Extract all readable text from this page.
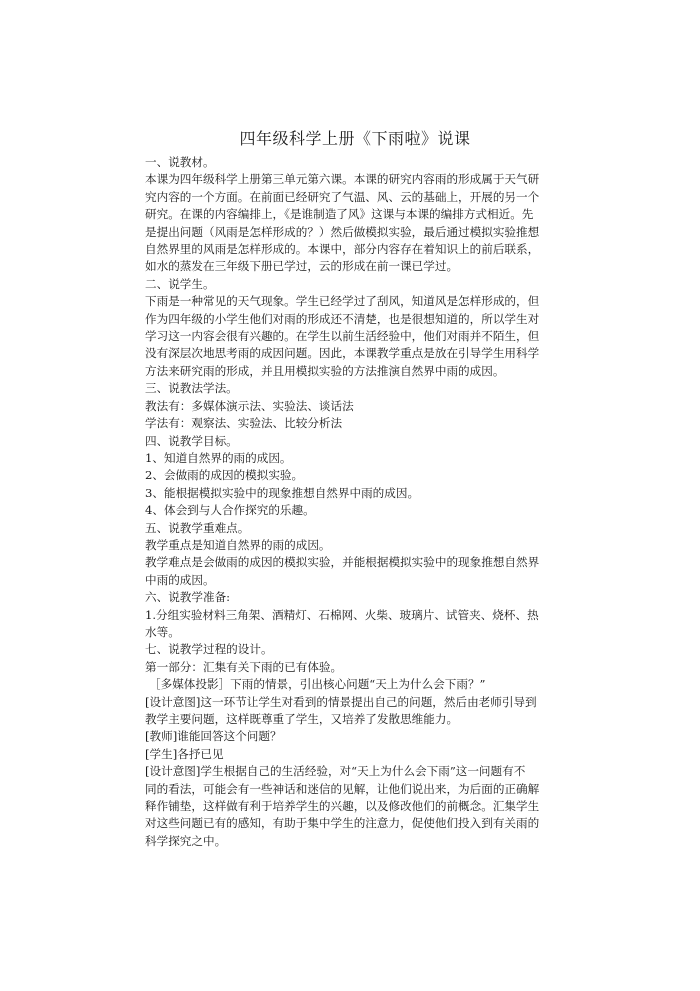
四年级科学上册《下雨啦》说课

一、说教材。

本课为四年级科学上册第三单元第六课。本课的研究内容雨的形成属于天气研

究内容的一个方面。在前面已经研究了气温、风、云的基础上，开展的另一个

研究。在课的内容编排上，《是谁制造了风》这课与本课的编排方式相近。先

是提出问题（风雨是怎样形成的？）然后做模拟实验，最后通过模拟实验推想

自然界里的风雨是怎样形成的。本课中，部分内容存在着知识上的前后联系，

如水的蒸发在三年级下册已学过，云的形成在前一课已学过。

二、说学生。

下雨是一种常见的天气现象。学生已经学过了刮风，知道风是怎样形成的，但

作为四年级的小学生他们对雨的形成还不清楚，也是很想知道的，所以学生对

学习这一内容会很有兴趣的。在学生以前生活经验中，他们对雨并不陌生，但

没有深层次地思考雨的成因问题。因此，本课教学重点是放在引导学生用科学

方法来研究雨的形成，并且用模拟实验的方法推演自然界中雨的成因。

三、说教法学法。

教法有：多媒体演示法、实验法、谈话法

学法有：观察法、实验法、比较分析法

四、说教学目标。

1、知道自然界的雨的成因。

2、会做雨的成因的模拟实验。

3、能根据模拟实验中的现象推想自然界中雨的成因。

4、体会到与人合作探究的乐趣。

五、说教学重难点。

教学重点是知道自然界的雨的成因。

教学难点是会做雨的成因的模拟实验，并能根据模拟实验中的现象推想自然界

中雨的成因。

六、说教学准备:

1.分组实验材料三角架、酒精灯、石棉网、火柴、玻璃片、试管夹、烧杯、热

水等。

七、说教学过程的设计。

第一部分：汇集有关下雨的已有体验。

［多媒体投影］下雨的情景，引出核心问题“天上为什么会下雨？”

[设计意图]这一环节让学生对看到的情景提出自己的问题，然后由老师引导到

教学主要问题，这样既尊重了学生，又培养了发散思维能力。

[教师]谁能回答这个问题？

[学生]各抒已见

[设计意图]学生根据自己的生活经验，对“天上为什么会下雨”这一问题有不

同的看法，可能会有一些神话和迷信的见解，让他们说出来，为后面的正确解

释作铺垫，这样做有利于培养学生的兴趣，以及修改他们的前概念。汇集学生

对这些问题已有的感知，有助于集中学生的注意力，促使他们投入到有关雨的

科学探究之中。
